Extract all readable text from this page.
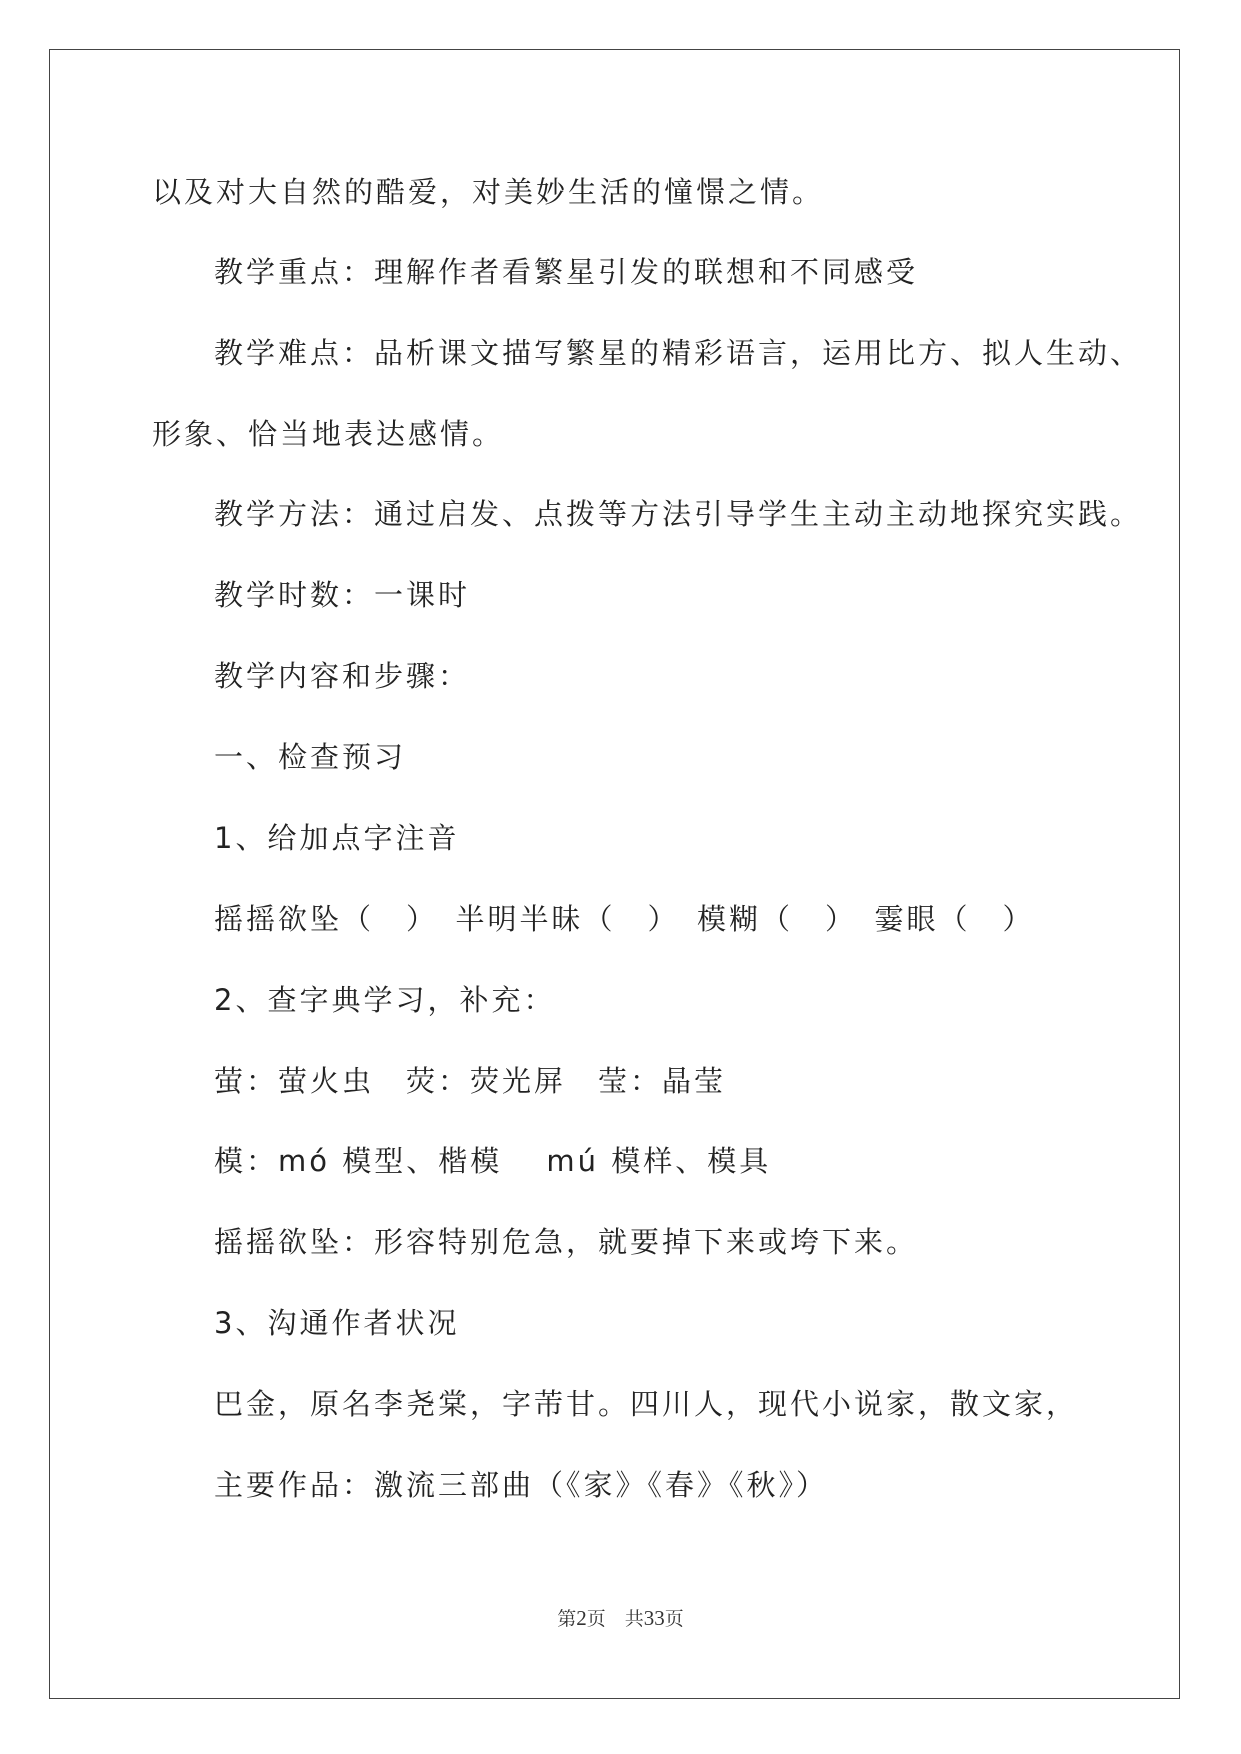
以及对大自然的酷爱，对美妙生活的憧憬之情。
教学重点：理解作者看繁星引发的联想和不同感受
教学难点：品析课文描写繁星的精彩语言，运用比方、拟人生动、
形象、恰当地表达感情。
教学方法：通过启发、点拨等方法引导学生主动主动地探究实践。
教学时数：一课时
教学内容和步骤：
一、检查预习
1、给加点字注音
摇摇欲坠（　）　半明半昧（　）　模糊（　）　霎眼（　）
2、查字典学习，补充：
萤：萤火虫　荧：荧光屏　莹：晶莹
模：mó 模型、楷模　 mú 模样、模具
摇摇欲坠：形容特别危急，就要掉下来或垮下来。
3、沟通作者状况
巴金，原名李尧棠，字芾甘。四川人，现代小说家，散文家，
主要作品：激流三部曲（《家》《春》《秋》）
第2页　共33页
